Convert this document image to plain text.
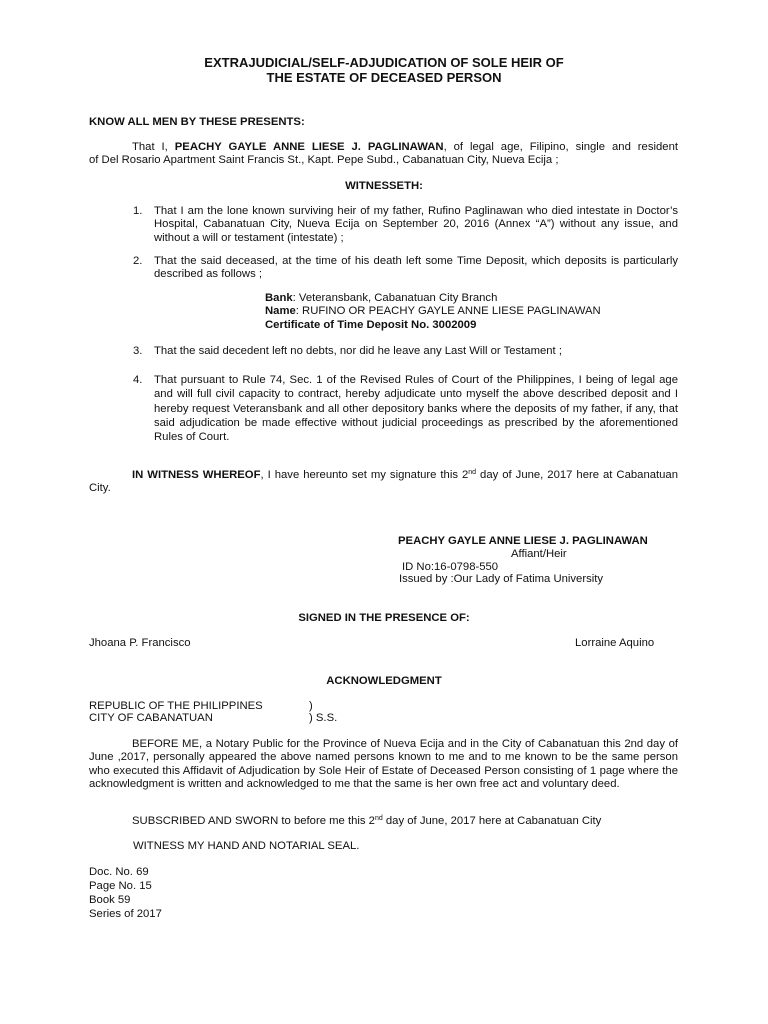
EXTRAJUDICIAL/SELF-ADJUDICATION OF SOLE HEIR OF
THE ESTATE OF DECEASED PERSON
KNOW ALL MEN BY THESE PRESENTS:
That I, PEACHY GAYLE ANNE LIESE J. PAGLINAWAN, of legal age, Filipino, single and resident
of Del Rosario Apartment Saint Francis St., Kapt. Pepe Subd., Cabanatuan City, Nueva Ecija ;
WITNESSETH:
1. That I am the lone known surviving heir of my father, Rufino Paglinawan who died intestate in Doctor’s Hospital, Cabanatuan City, Nueva Ecija on September 20, 2016 (Annex “A”) without any issue, and without a will or testament (intestate) ;
2. That the said deceased, at the time of his death left some Time Deposit, which deposits is particularly described as follows ;
Bank: Veteransbank, Cabanatuan City Branch
Name: RUFINO OR PEACHY GAYLE ANNE LIESE PAGLINAWAN
Certificate of Time Deposit No. 3002009
3. That the said decedent left no debts, nor did he leave any Last Will or Testament ;
4. That pursuant to Rule 74, Sec. 1 of the Revised Rules of Court of the Philippines, I being of legal age and will full civil capacity to contract, hereby adjudicate unto myself the above described deposit and I hereby request Veteransbank and all other depository banks where the deposits of my father, if any, that said adjudication be made effective without judicial proceedings as prescribed by the aforementioned Rules of Court.
IN WITNESS WHEREOF, I have hereunto set my signature this 2nd day of June, 2017 here at Cabanatuan City.
PEACHY GAYLE ANNE LIESE J. PAGLINAWAN
Affiant/Heir
ID No:16-0798-550
Issued by :Our Lady of Fatima University
SIGNED IN THE PRESENCE OF:
Jhoana P. Francisco	Lorraine Aquino
ACKNOWLEDGMENT
REPUBLIC OF THE PHILIPPINES	)
CITY OF CABANATUAN	) S.S.
BEFORE ME, a Notary Public for the Province of Nueva Ecija and in the City of Cabanatuan this 2nd day of June ,2017, personally appeared the above named persons known to me and to me known to be the same person who executed this Affidavit of Adjudication by Sole Heir of Estate of Deceased Person consisting of 1 page where the acknowledgment is written and acknowledged to me that the same is her own free act and voluntary deed.
SUBSCRIBED AND SWORN to before me this 2nd day of June, 2017 here at Cabanatuan City
WITNESS MY HAND AND NOTARIAL SEAL.
Doc. No. 69
Page No. 15
Book 59
Series of 2017
